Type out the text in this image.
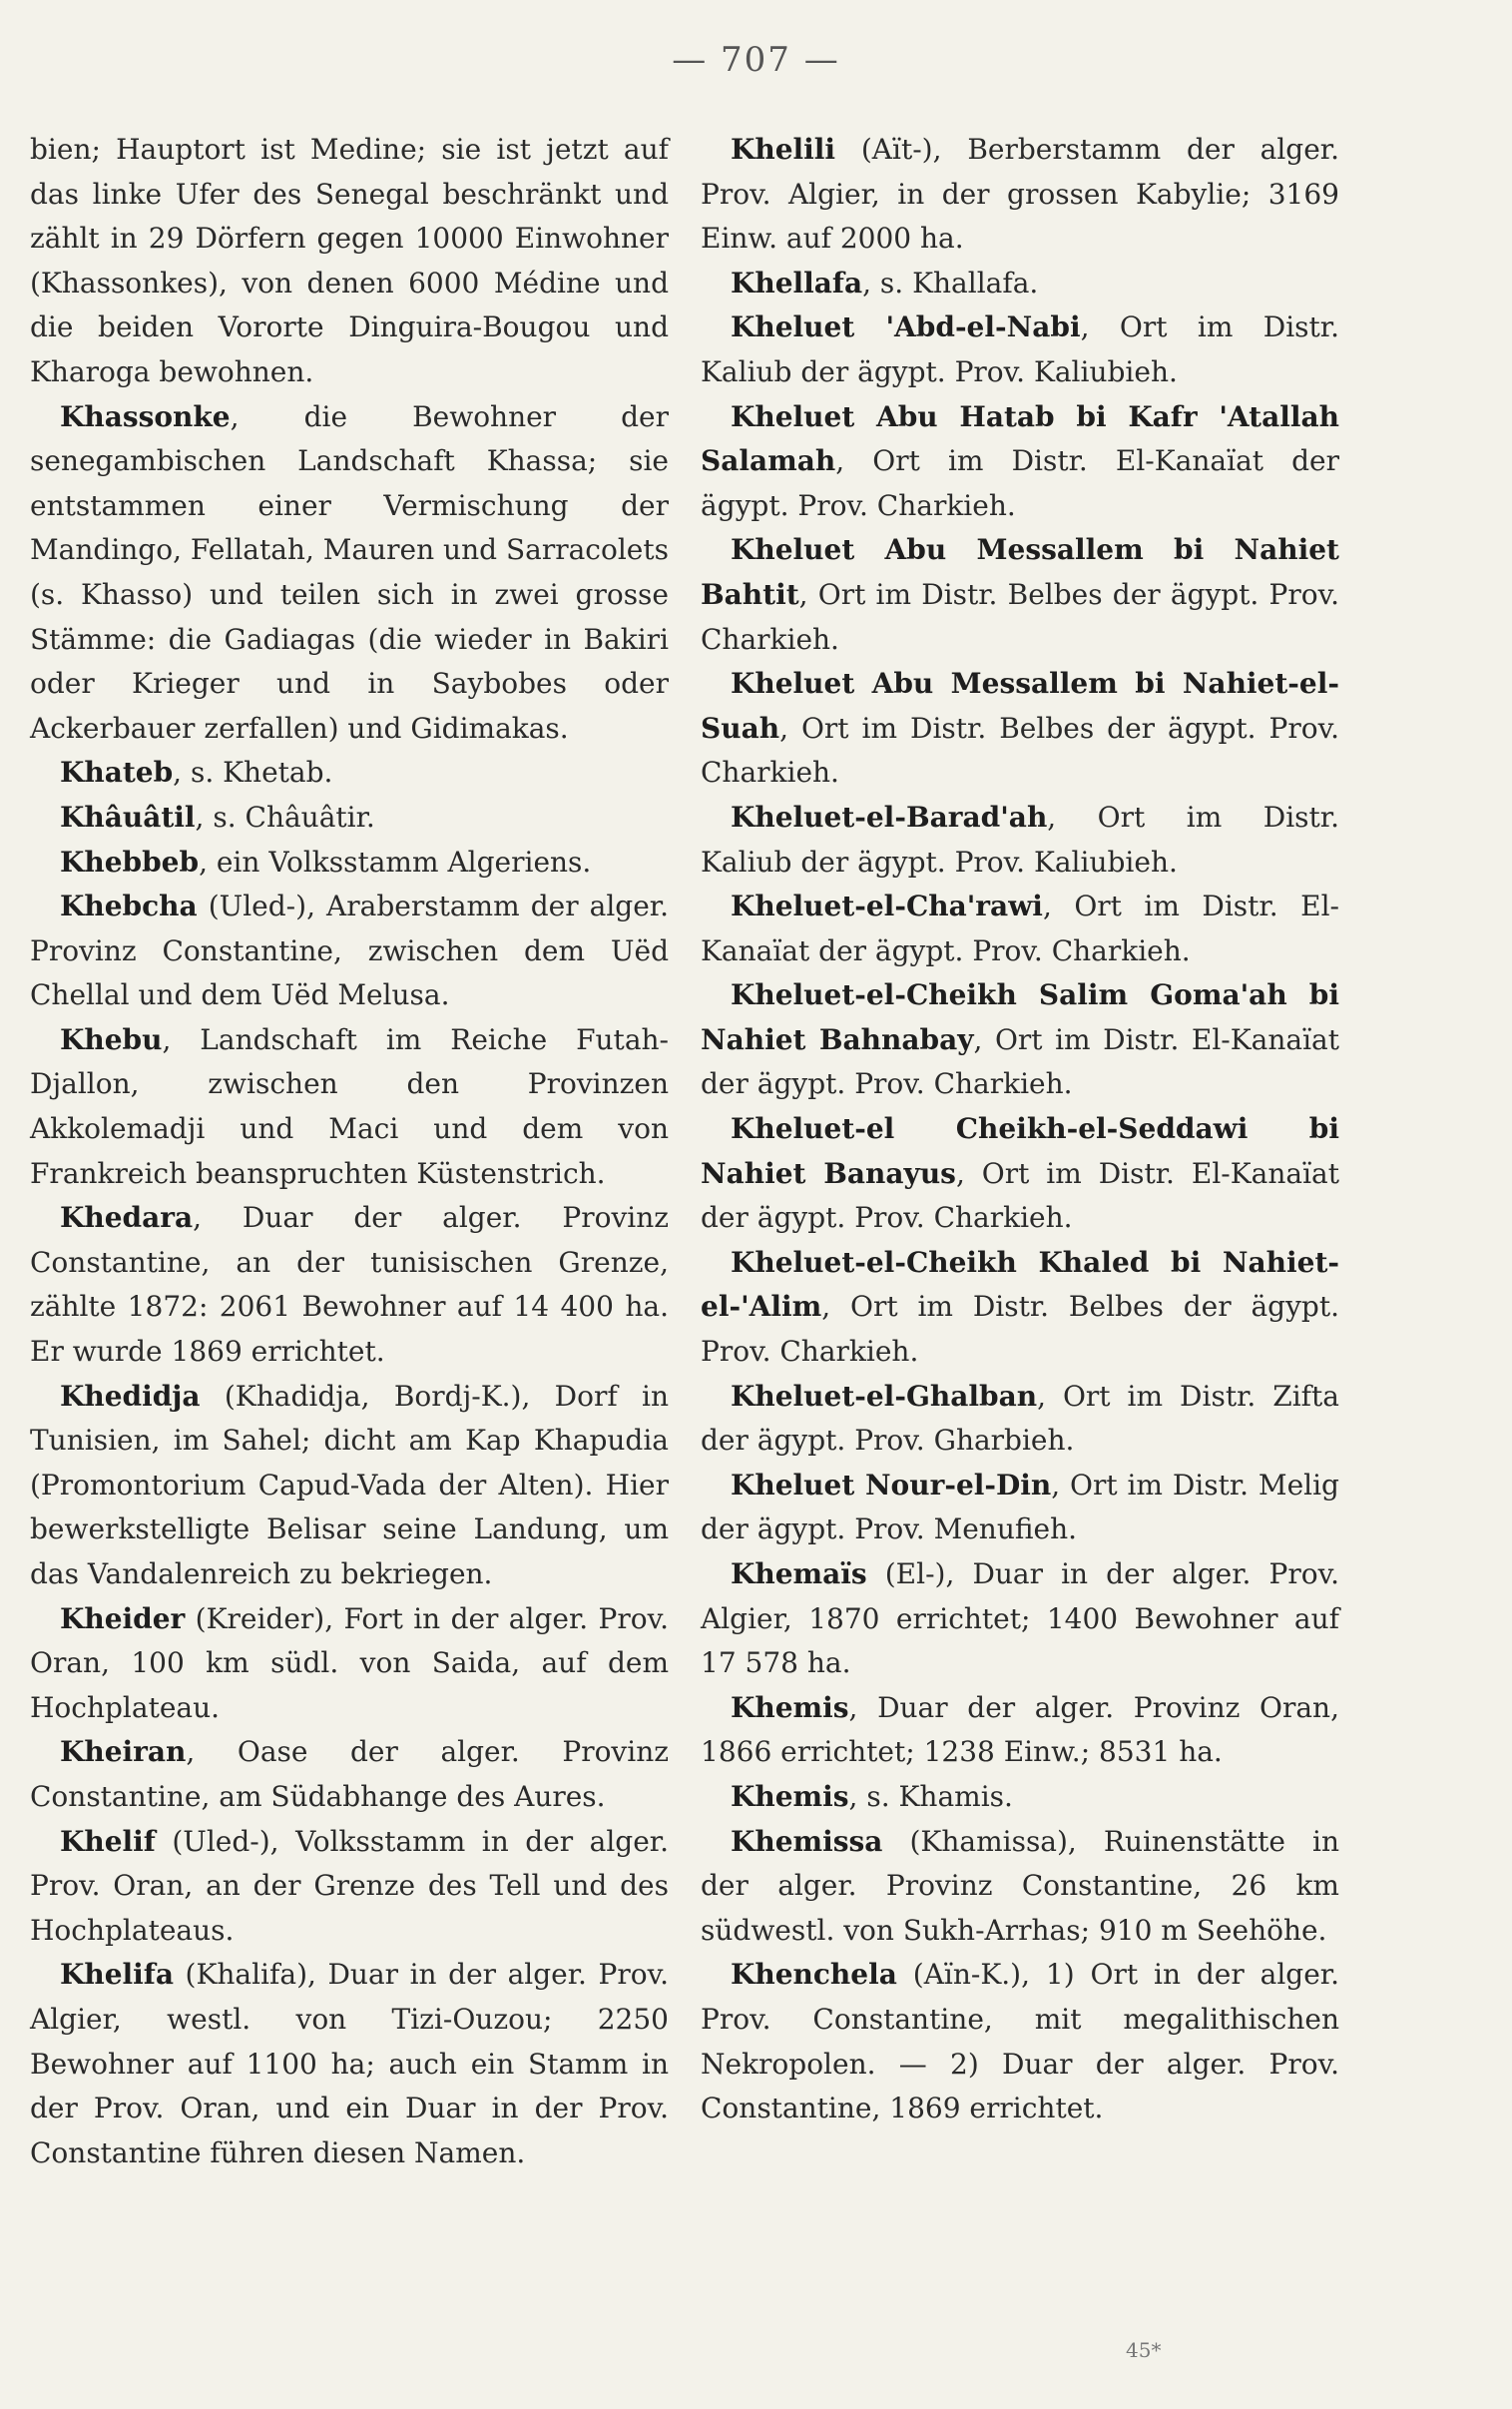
— 707 —

bien; Hauptort ist Medine; sie ist jetzt auf das linke Ufer des Senegal beschränkt und zählt in 29 Dörfern gegen 10000 Einwohner (Khassonkes), von denen 6000 Médine und die beiden Vororte Dinguira-Bougou und Kharoga bewohnen.

Khassonke, die Bewohner der senegambischen Landschaft Khassa; sie entstammen einer Vermischung der Mandingo, Fellatah, Mauren und Sarracolets (s. Khasso) und teilen sich in zwei grosse Stämme: die Gadiagas (die wieder in Bakiri oder Krieger und in Saybobes oder Ackerbauer zerfallen) und Gidimakas.

Khateb, s. Khetab.

Khâuâtil, s. Châuâtir.

Khebbeb, ein Volksstamm Algeriens.

Khebcha (Uled-), Araberstamm der alger. Provinz Constantine, zwischen dem Uëd Chellal und dem Uëd Melusa.

Khebu, Landschaft im Reiche Futah-Djallon, zwischen den Provinzen Akkolemadji und Maci und dem von Frankreich beanspruchten Küstenstrich.

Khedara, Duar der alger. Provinz Constantine, an der tunisischen Grenze, zählte 1872: 2061 Bewohner auf 14 400 ha. Er wurde 1869 errichtet.

Khedidja (Khadidja, Bordj-K.), Dorf in Tunisien, im Sahel; dicht am Kap Khapudia (Promontorium Capud-Vada der Alten). Hier bewerkstelligte Belisar seine Landung, um das Vandalenreich zu bekriegen.

Kheider (Kreider), Fort in der alger. Prov. Oran, 100 km südl. von Saida, auf dem Hochplateau.

Kheiran, Oase der alger. Provinz Constantine, am Südabhange des Aures.

Khelif (Uled-), Volksstamm in der alger. Prov. Oran, an der Grenze des Tell und des Hochplateaus.

Khelifa (Khalifa), Duar in der alger. Prov. Algier, westl. von Tizi-Ouzou; 2250 Bewohner auf 1100 ha; auch ein Stamm in der Prov. Oran, und ein Duar in der Prov. Constantine führen diesen Namen.

Khelili (Aït-), Berberstamm der alger. Prov. Algier, in der grossen Kabylie; 3169 Einw. auf 2000 ha.

Khellafa, s. Khallafa.

Kheluet 'Abd-el-Nabi, Ort im Distr. Kaliub der ägypt. Prov. Kaliubieh.

Kheluet Abu Hatab bi Kafr 'Atallah Salamah, Ort im Distr. El-Kanaïat der ägypt. Prov. Charkieh.

Kheluet Abu Messallem bi Nahiet Bahtit, Ort im Distr. Belbes der ägypt. Prov. Charkieh.

Kheluet Abu Messallem bi Nahiet-el-Suah, Ort im Distr. Belbes der ägypt. Prov. Charkieh.

Kheluet-el-Barad'ah, Ort im Distr. Kaliub der ägypt. Prov. Kaliubieh.

Kheluet-el-Cha'rawi, Ort im Distr. El-Kanaïat der ägypt. Prov. Charkieh.

Kheluet-el-Cheikh Salim Goma'ah bi Nahiet Bahnabay, Ort im Distr. El-Kanaïat der ägypt. Prov. Charkieh.

Kheluet-el Cheikh-el-Seddawi bi Nahiet Banayus, Ort im Distr. El-Kanaïat der ägypt. Prov. Charkieh.

Kheluet-el-Cheikh Khaled bi Nahiet-el-'Alim, Ort im Distr. Belbes der ägypt. Prov. Charkieh.

Kheluet-el-Ghalban, Ort im Distr. Zifta der ägypt. Prov. Gharbieh.

Kheluet Nour-el-Din, Ort im Distr. Melig der ägypt. Prov. Menufieh.

Khemaïs (El-), Duar in der alger. Prov. Algier, 1870 errichtet; 1400 Bewohner auf 17 578 ha.

Khemis, Duar der alger. Provinz Oran, 1866 errichtet; 1238 Einw.; 8531 ha.

Khemis, s. Khamis.

Khemissa (Khamissa), Ruinenstätte in der alger. Provinz Constantine, 26 km südwestl. von Sukh-Arrhas; 910 m Seehöhe.

Khenchela (Aïn-K.), 1) Ort in der alger. Prov. Constantine, mit megalithischen Nekropolen. — 2) Duar der alger. Prov. Constantine, 1869 errichtet.

45*
